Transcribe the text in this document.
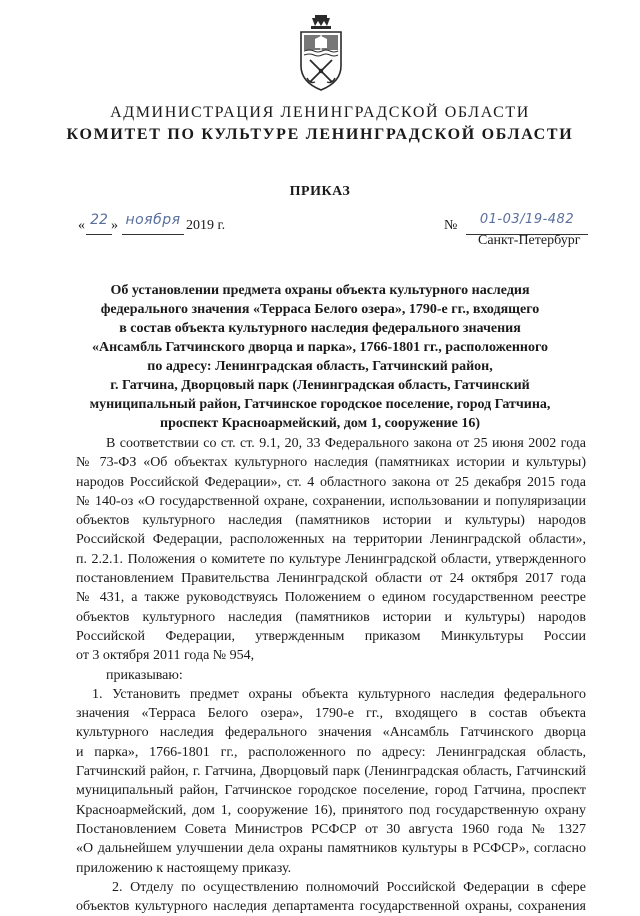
АДМИНИСТРАЦИЯ ЛЕНИНГРАДСКОЙ ОБЛАСТИ
КОМИТЕТ ПО КУЛЬТУРЕ ЛЕНИНГРАДСКОЙ ОБЛАСТИ
ПРИКАЗ
« 22 » ноября 2019 г.	№	01-03/19-482
Санкт-Петербург
Об установлении предмета охраны объекта культурного наследия
федерального значения «Терраса Белого озера», 1790-е гг., входящего
в состав объекта культурного наследия федерального значения
«Ансамбль Гатчинского дворца и парка», 1766-1801 гг., расположенного
по адресу: Ленинградская область, Гатчинский район,
г. Гатчина, Дворцовый парк (Ленинградская область, Гатчинский
муниципальный район, Гатчинское городское поселение, город Гатчина,
проспект Красноармейский, дом 1, сооружение 16)
В соответствии со ст. ст. 9.1, 20, 33 Федерального закона от 25 июня 2002 года
№ 73-ФЗ «Об объектах культурного наследия (памятниках истории и культуры)
народов Российской Федерации», ст. 4 областного закона от 25 декабря 2015 года
№ 140-оз «О государственной охране, сохранении, использовании и популяризации
объектов культурного наследия (памятников истории и культуры) народов
Российской Федерации, расположенных на территории Ленинградской области»,
п. 2.2.1. Положения о комитете по культуре Ленинградской области, утвержденного
постановлением Правительства Ленинградской области от 24 октября 2017 года
№ 431, а также руководствуясь Положением о едином государственном реестре
объектов культурного наследия (памятников истории и культуры) народов
Российской Федерации, утвержденным приказом Минкультуры России
от 3 октября 2011 года № 954,
приказываю:
1. Установить предмет охраны объекта культурного наследия федерального
значения «Терраса Белого озера», 1790-е гг., входящего в состав объекта
культурного наследия федерального значения «Ансамбль Гатчинского дворца
и парка», 1766-1801 гг., расположенного по адресу: Ленинградская область,
Гатчинский район, г. Гатчина, Дворцовый парк (Ленинградская область, Гатчинский
муниципальный район, Гатчинское городское поселение, город Гатчина, проспект
Красноармейский, дом 1, сооружение 16), принятого под государственную охрану
Постановлением Совета Министров РСФСР от 30 августа 1960 года № 1327
«О дальнейшем улучшении дела охраны памятников культуры в РСФСР», согласно
приложению к настоящему приказу.
2. Отделу по осуществлению полномочий Российской Федерации в сфере
объектов культурного наследия департамента государственной охраны, сохранения
